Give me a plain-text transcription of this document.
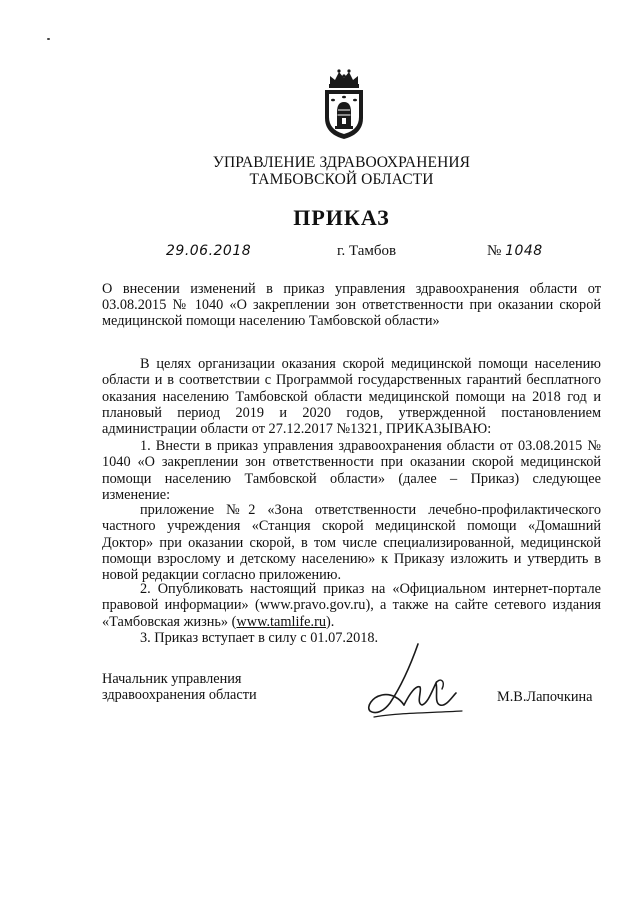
УПРАВЛЕНИЕ ЗДРАВООХРАНЕНИЯ
ТАМБОВСКОЙ ОБЛАСТИ
ПРИКАЗ
29.06.2018	г. Тамбов	№ 1048
О внесении изменений в приказ управления здравоохранения области от 03.08.2015 № 1040 «О закреплении зон ответственности при оказании скорой медицинской помощи населению Тамбовской области»
В целях организации оказания скорой медицинской помощи населению области и в соответствии с Программой государственных гарантий бесплатного оказания населению Тамбовской области медицинской помощи на 2018 год и плановый период 2019 и 2020 годов, утвержденной постановлением администрации области от 27.12.2017 №1321, ПРИКАЗЫВАЮ:
1. Внести в приказ управления здравоохранения области от 03.08.2015 № 1040 «О закреплении зон ответственности при оказании скорой медицинской помощи населению Тамбовской области» (далее – Приказ) следующее изменение:
приложение №2 «Зона ответственности лечебно-профилактического частного учреждения «Станция скорой медицинской помощи «Домашний Доктор» при оказании скорой, в том числе специализированной, медицинской помощи взрослому и детскому населению» к Приказу изложить и утвердить в новой редакции согласно приложению.
2. Опубликовать настоящий приказ на «Официальном интернет-портале правовой информации» (www.pravo.gov.ru), а также на сайте сетевого издания «Тамбовская жизнь» (www.tamlife.ru).
3. Приказ вступает в силу с 01.07.2018.
Начальник управления
здравоохранения области	М.В.Лапочкина
